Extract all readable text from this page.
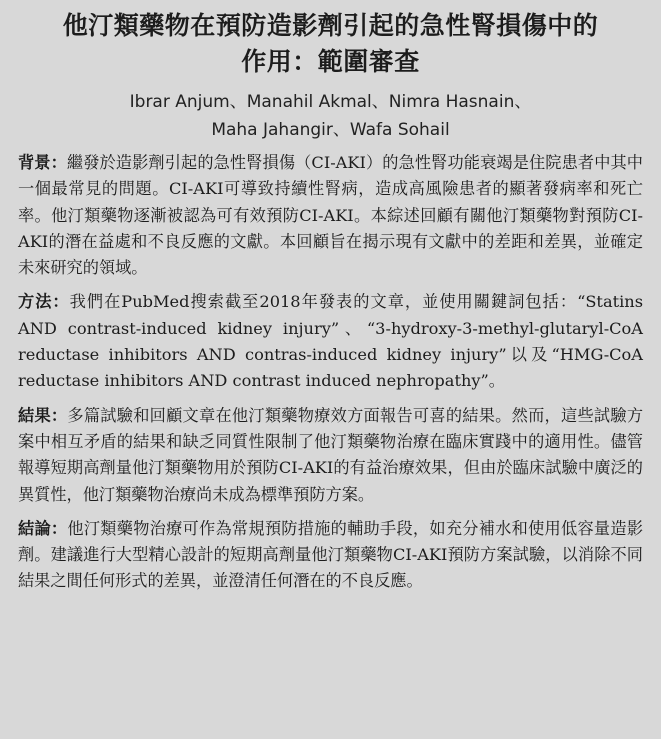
他汀類藥物在預防造影劑引起的急性腎損傷中的
作用：範圍審查
Ibrar Anjum、Manahil Akmal、Nimra Hasnain、
Maha Jahangir、Wafa Sohail

背景：繼發於造影劑引起的急性腎損傷（CI-AKI）的急性腎功能衰竭是住院患者中其中一個最常見的問題。CI-AKI可導致持續性腎病，造成高風險患者的顯著發病率和死亡率。他汀類藥物逐漸被認為可有效預防CI-AKI。本綜述回顧有關他汀類藥物對預防CI-AKI的潛在益處和不良反應的文獻。本回顧旨在揭示現有文獻中的差距和差異，並確定未來研究的領域。

方法：我們在PubMed搜索截至2018年發表的文章，並使用關鍵詞包括：“Statins AND contrast-induced kidney injury”、“3-hydroxy-3-methyl-glutaryl-CoA reductase inhibitors AND contras-induced kidney injury”以及“HMG-CoA reductase inhibitors AND contrast induced nephropathy”。

結果：多篇試驗和回顧文章在他汀類藥物療效方面報告可喜的結果。然而，這些試驗方案中相互矛盾的結果和缺乏同質性限制了他汀類藥物治療在臨床實踐中的適用性。儘管報導短期高劑量他汀類藥物用於預防CI-AKI的有益治療效果，但由於臨床試驗中廣泛的異質性，他汀類藥物治療尚未成為標準預防方案。

結論：他汀類藥物治療可作為常規預防措施的輔助手段，如充分補水和使用低容量造影劑。建議進行大型精心設計的短期高劑量他汀類藥物CI-AKI預防方案試驗，以消除不同結果之間任何形式的差異，並澄清任何潛在的不良反應。
